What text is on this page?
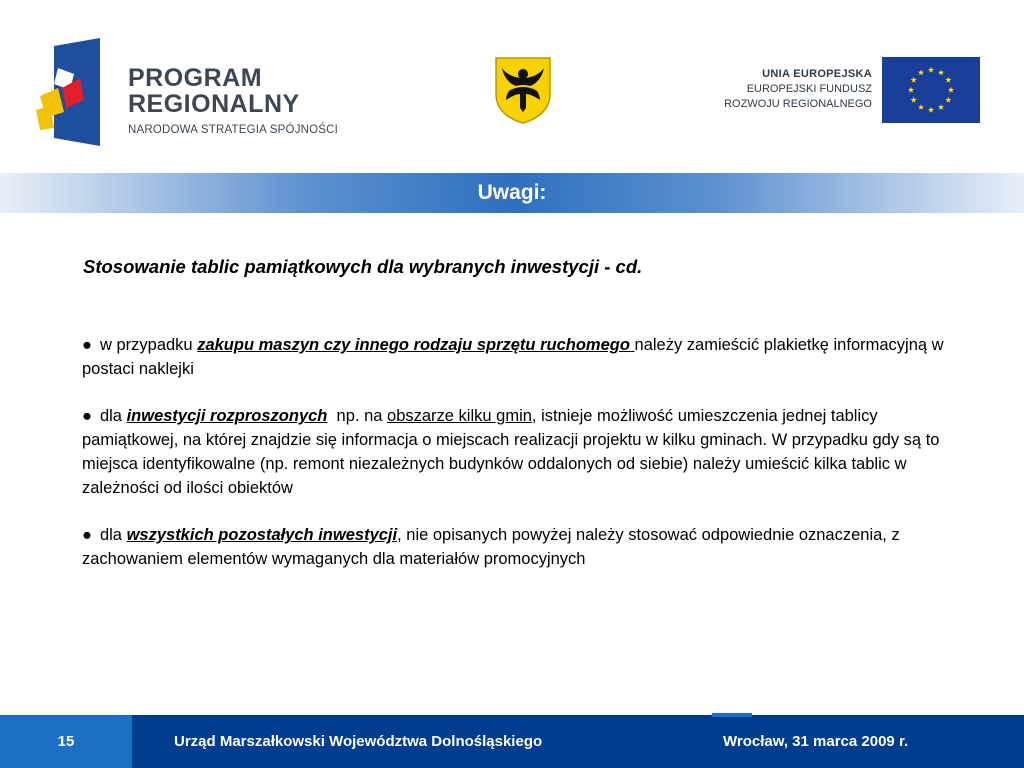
PROGRAM
REGIONALNY
NARODOWA STRATEGIA SPÓJNOŚCI
UNIA EUROPEJSKA
EUROPEJSKI FUNDUSZ
ROZWOJU REGIONALNEGO
Uwagi:
Stosowanie tablic pamiątkowych dla wybranych inwestycji - cd.
● w przypadku zakupu maszyn czy innego rodzaju sprzętu ruchomego należy zamieścić plakietkę informacyjną w postaci naklejki
● dla inwestycji rozproszonych  np. na obszarze kilku gmin, istnieje możliwość umieszczenia jednej tablicy pamiątkowej, na której znajdzie się informacja o miejscach realizacji projektu w kilku gminach. W przypadku gdy są to miejsca identyfikowalne (np. remont niezależnych budynków oddalonych od siebie) należy umieścić kilka tablic w zależności od ilości obiektów
● dla wszystkich pozostałych inwestycji, nie opisanych powyżej należy stosować odpowiednie oznaczenia, z zachowaniem elementów wymaganych dla materiałów promocyjnych
15	Urząd Marszałkowski Województwa Dolnośląskiego	Wrocław, 31 marca 2009 r.
